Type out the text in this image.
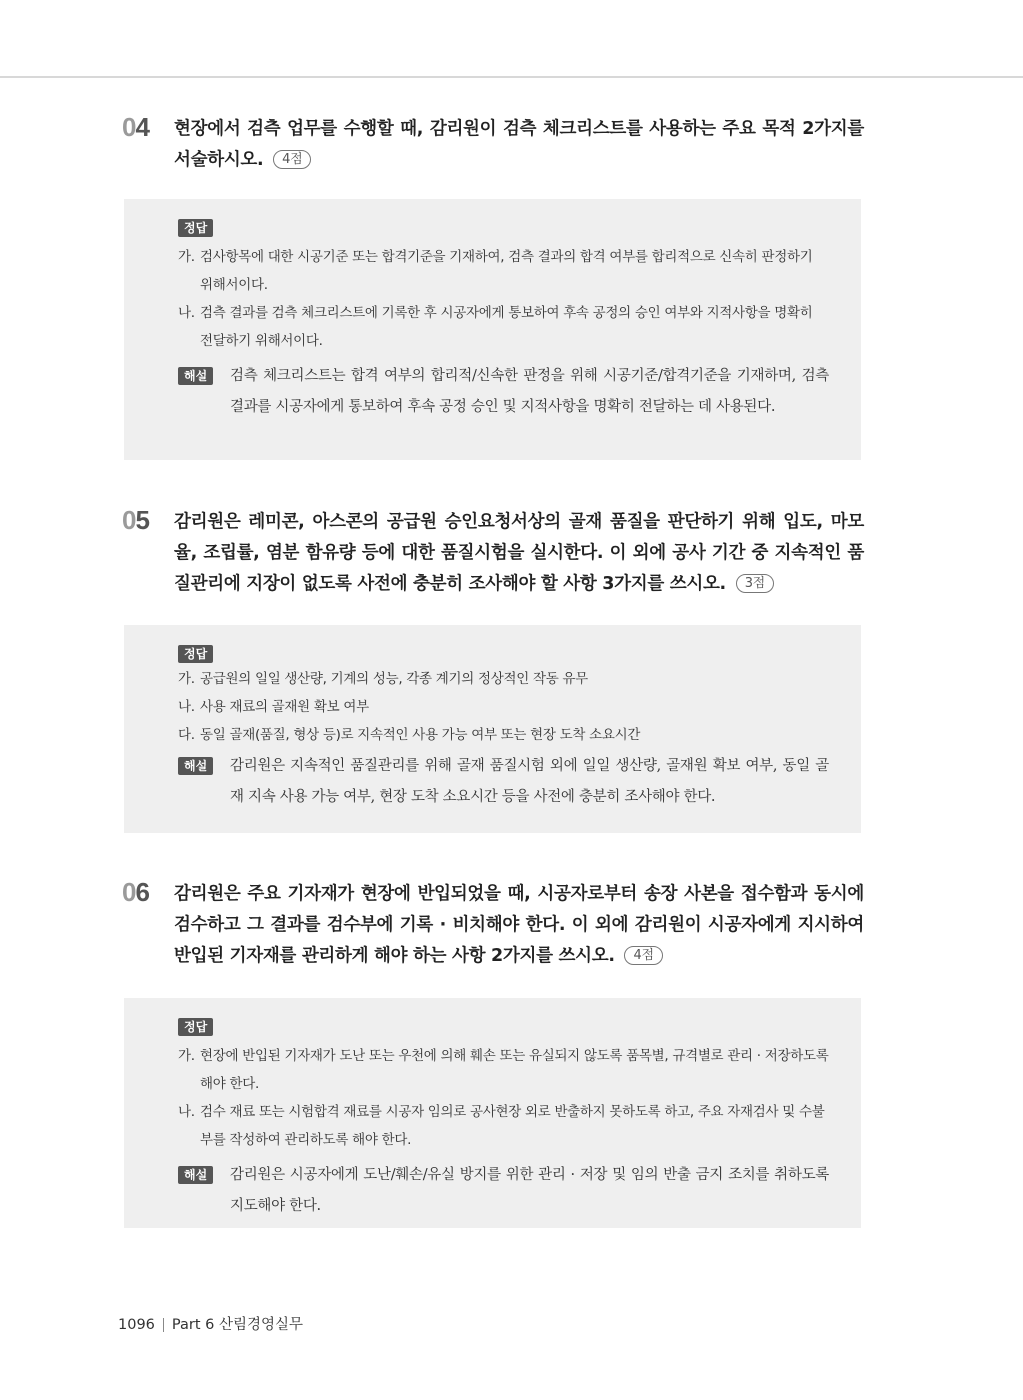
04 현장에서 검측 업무를 수행할 때, 감리원이 검측 체크리스트를 사용하는 주요 목적 2가지를 서술하시오. 4점
정답
가. 검사항목에 대한 시공기준 또는 합격기준을 기재하여, 검측 결과의 합격 여부를 합리적으로 신속히 판정하기 위해서이다.
나. 검측 결과를 검측 체크리스트에 기록한 후 시공자에게 통보하여 후속 공정의 승인 여부와 지적사항을 명확히 전달하기 위해서이다.
해설	검측 체크리스트는 합격 여부의 합리적/신속한 판정을 위해 시공기준/합격기준을 기재하며, 검측 결과를 시공자에게 통보하여 후속 공정 승인 및 지적사항을 명확히 전달하는 데 사용된다.
05 감리원은 레미콘, 아스콘의 공급원 승인요청서상의 골재 품질을 판단하기 위해 입도, 마모율, 조립률, 염분 함유량 등에 대한 품질시험을 실시한다. 이 외에 공사 기간 중 지속적인 품질관리에 지장이 없도록 사전에 충분히 조사해야 할 사항 3가지를 쓰시오. 3점
정답
가. 공급원의 일일 생산량, 기계의 성능, 각종 계기의 정상적인 작동 유무
나. 사용 재료의 골재원 확보 여부
다. 동일 골재(품질, 형상 등)로 지속적인 사용 가능 여부 또는 현장 도착 소요시간
해설	감리원은 지속적인 품질관리를 위해 골재 품질시험 외에 일일 생산량, 골재원 확보 여부, 동일 골재 지속 사용 가능 여부, 현장 도착 소요시간 등을 사전에 충분히 조사해야 한다.
06 감리원은 주요 기자재가 현장에 반입되었을 때, 시공자로부터 송장 사본을 접수함과 동시에 검수하고 그 결과를 검수부에 기록 · 비치해야 한다. 이 외에 감리원이 시공자에게 지시하여 반입된 기자재를 관리하게 해야 하는 사항 2가지를 쓰시오. 4점
정답
가. 현장에 반입된 기자재가 도난 또는 우천에 의해 훼손 또는 유실되지 않도록 품목별, 규격별로 관리 · 저장하도록 해야 한다.
나. 검수 재료 또는 시험합격 재료를 시공자 임의로 공사현장 외로 반출하지 못하도록 하고, 주요 자재검사 및 수불부를 작성하여 관리하도록 해야 한다.
해설	감리원은 시공자에게 도난/훼손/유실 방지를 위한 관리 · 저장 및 임의 반출 금지 조치를 취하도록 지도해야 한다.
1096 Part 6 산림경영실무
